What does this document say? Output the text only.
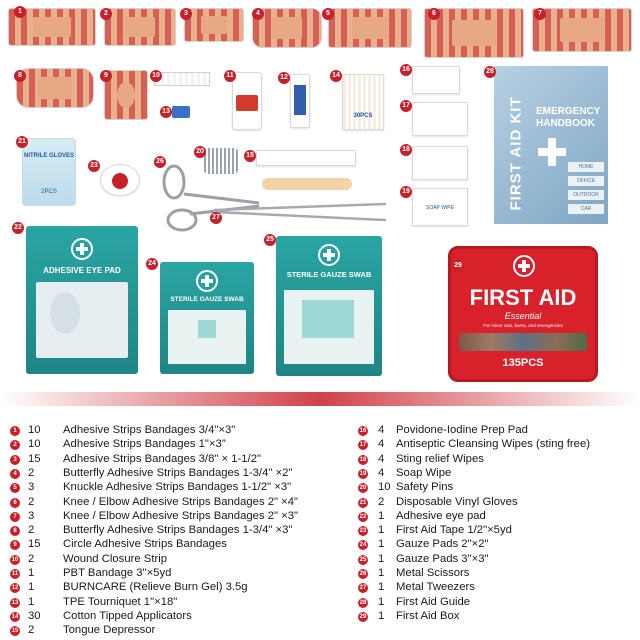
30PCS
SOAP WIPE	FIRST AID KIT EMERGENCY HANDBOOK
HOME
OFFICE
OUTDOOR
CAR
NITRILE GLOVES
2PCS
ADHESIVE EYE PAD
STERILE GAUZE SWAB
STERILE GAUZE SWAB
FIRST AID
Essential
For minor cuts, burns, and emergencies
135PCS
1	2	3	4	5	6	7
8	9	10	11	12
13
14
15
16
17
18
19
20
21
22
23
24
25
26
27
28
29
1 10 Adhesive Strips Bandages 3/4"×3"
2 10 Adhesive Strips Bandages 1"×3"
3 15 Adhesive Strips Bandages 3/8" × 1-1/2"
4 2	Butterfly Adhesive Strips Bandages 1-3/4" ×2"
5 3	Knuckle Adhesive Strips Bandages 1-1/2" ×3"
6 2	Knee / Elbow Adhesive Strips Bandages 2" ×4"
7 3	Knee / Elbow Adhesive Strips Bandages 2" ×3"
8 2	Butterfly Adhesive Strips Bandages 1-3/4" ×3"
9 15 Circle Adhesive Strips Bandages
10 2	Wound Closure Strip
11 1	PBT Bandage 3"×5yd
12 1	BURNCARE (Relieve Burn Gel) 3.5g
13 1	TPE Tourniquet 1"×18"
14 30 Cotton Tipped Applicators
15 2	Tongue Depressor
16 4 Povidone-Iodine Prep Pad
17 4 Antiseptic Cleansing Wipes (sting free)
18 4 Sting relief Wipes
19 4 Soap Wipe
20 10 Safety Pins
21 2 Disposable Vinyl Gloves
22 1 Adhesive eye pad
23 1 First Aid Tape 1/2"×5yd
24 1 Gauze Pads 2"×2"
25 1 Gauze Pads 3"×3"
26 1 Metal Scissors
27 1 Metal Tweezers
28 1 First Aid Guide
29 1 First Aid Box
